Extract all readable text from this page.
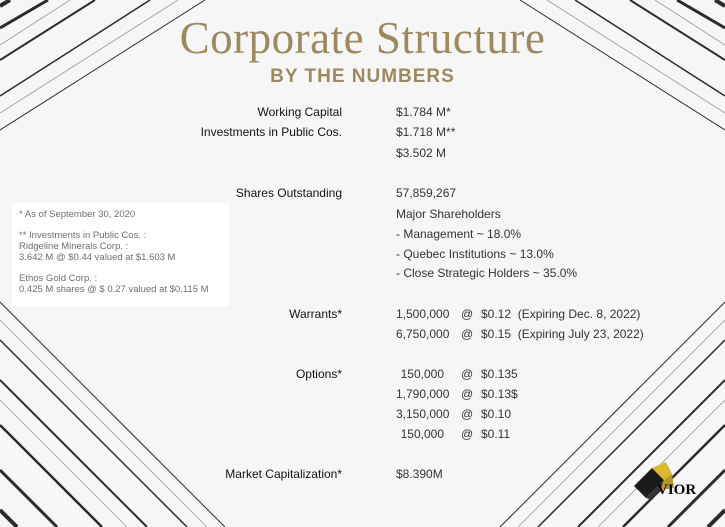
Corporate Structure
BY THE NUMBERS
Working Capital	$1.784 M*
Investments in Public Cos.	$1.718 M**
$3.502 M
Shares Outstanding	57,859,267
Major Shareholders
- Management ~ 18.0%
- Quebec Institutions ~ 13.0%
- Close Strategic Holders ~ 35.0%
* As of September 30, 2020
** Investments in Public Cos. :
Ridgeline Minerals Corp. :
3.642 M @ $0.44 valued at $1.603 M
Ethos Gold Corp. :
0.425 M shares @ $ 0.27 valued at $0.115 M
Warrants*	1,500,000 @ $0.12 (Expiring Dec. 8, 2022)
6,750,000 @ $0.15 (Expiring July 23, 2022)
Options*	150,000 @ $0.135
1,790,000 @ $0.13$
3,150,000 @ $0.10
150,000 @ $0.11
Market Capitalization*	$8.390M
VIOR
